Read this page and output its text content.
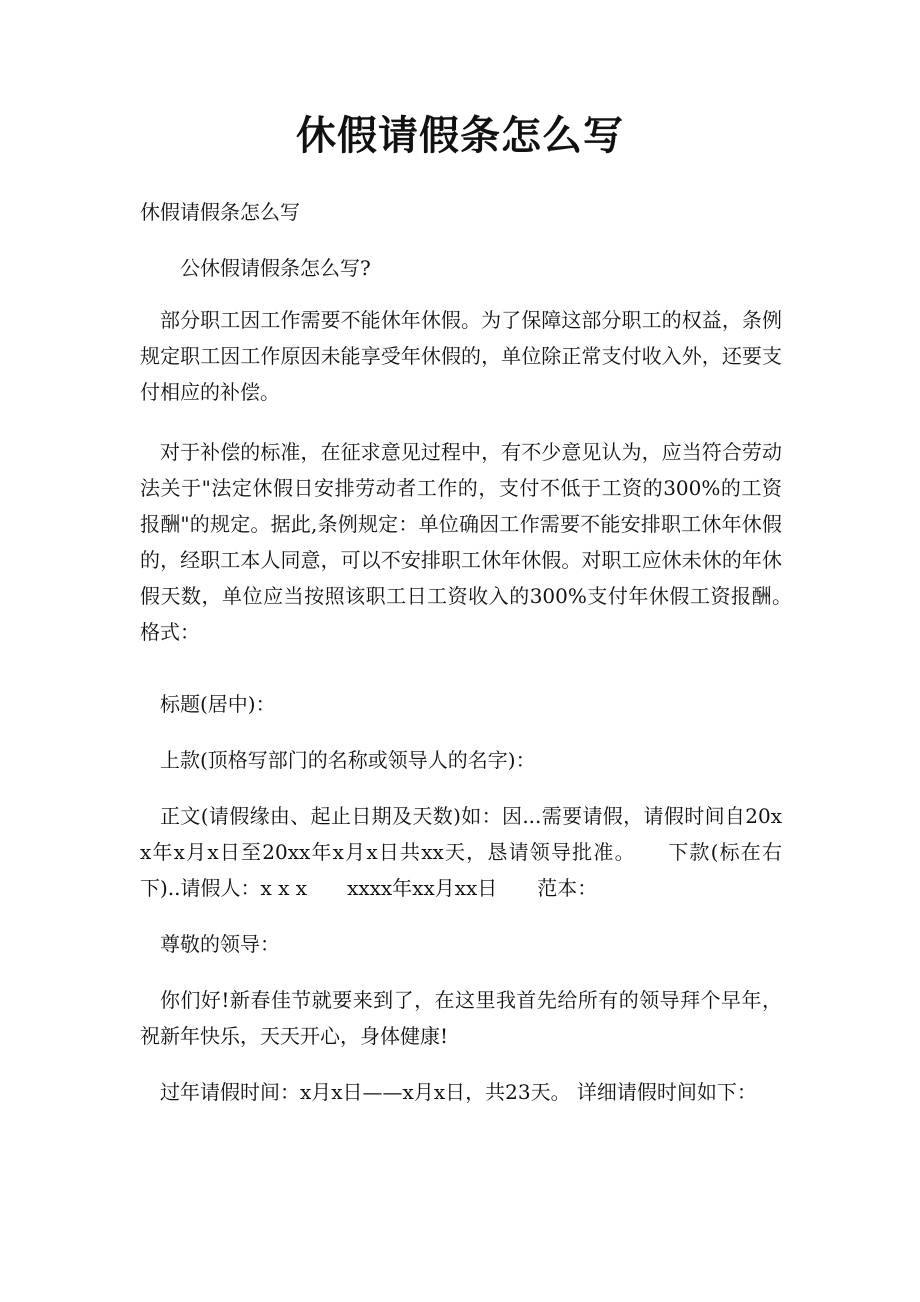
休假请假条怎么写

休假请假条怎么写

公休假请假条怎么写?

部分职工因工作需要不能休年休假。为了保障这部分职工的权益，条例规定职工因工作原因未能享受年休假的，单位除正常支付收入外，还要支付相应的补偿。

对于补偿的标准，在征求意见过程中，有不少意见认为，应当符合劳动法关于"法定休假日安排劳动者工作的，支付不低于工资的300%的工资报酬"的规定。据此,条例规定：单位确因工作需要不能安排职工休年休假的，经职工本人同意，可以不安排职工休年休假。对职工应休未休的年休假天数，单位应当按照该职工日工资收入的300%支付年休假工资报酬。　　格式：

标题(居中)：

上款(顶格写部门的名称或领导人的名字)：

正文(请假缘由、起止日期及天数)如：因...需要请假，请假时间自20xx年x月x日至20xx年x月x日共xx天，恳请领导批准。　　下款(标在右下)..请假人：x x x　　xxxx年xx月xx日　　范本：

尊敬的领导：

你们好!新春佳节就要来到了，在这里我首先给所有的领导拜个早年，祝新年快乐，天天开心，身体健康!

过年请假时间：x月x日——x月x日，共23天。 详细请假时间如下：
